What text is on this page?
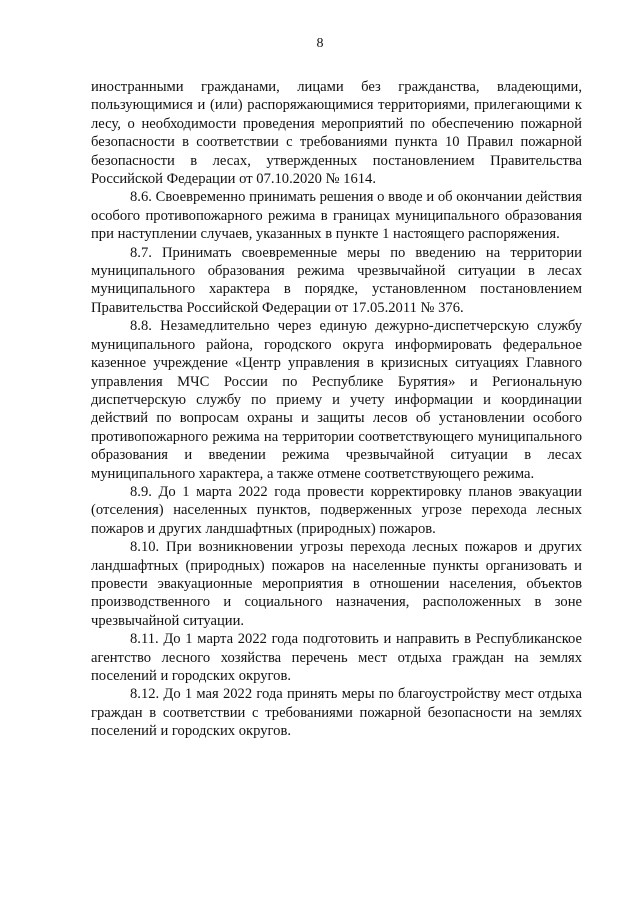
8

иностранными гражданами, лицами без гражданства, владеющими, пользующимися и (или) распоряжающимися территориями, прилегающими к лесу, о необходимости проведения мероприятий по обеспечению пожарной безопасности в соответствии с требованиями пункта 10 Правил пожарной безопасности в лесах, утвержденных постановлением Правительства Российской Федерации от 07.10.2020 № 1614.

8.6. Своевременно принимать решения о вводе и об окончании действия особого противопожарного режима в границах муниципального образования при наступлении случаев, указанных в пункте 1 настоящего распоряжения.

8.7. Принимать своевременные меры по введению на территории муниципального образования режима чрезвычайной ситуации в лесах муниципального характера в порядке, установленном постановлением Правительства Российской Федерации от 17.05.2011 № 376.

8.8. Незамедлительно через единую дежурно-диспетчерскую службу муниципального района, городского округа информировать федеральное казенное учреждение «Центр управления в кризисных ситуациях Главного управления МЧС России по Республике Бурятия» и Региональную диспетчерскую службу по приему и учету информации и координации действий по вопросам охраны и защиты лесов об установлении особого противопожарного режима на территории соответствующего муниципального образования и введении режима чрезвычайной ситуации в лесах муниципального характера, а также отмене соответствующего режима.

8.9. До 1 марта 2022 года провести корректировку планов эвакуации (отселения) населенных пунктов, подверженных угрозе перехода лесных пожаров и других ландшафтных (природных) пожаров.

8.10. При возникновении угрозы перехода лесных пожаров и других ландшафтных (природных) пожаров на населенные пункты организовать и провести эвакуационные мероприятия в отношении населения, объектов производственного и социального назначения, расположенных в зоне чрезвычайной ситуации.

8.11. До 1 марта 2022 года подготовить и направить в Республиканское агентство лесного хозяйства перечень мест отдыха граждан на землях поселений и городских округов.

8.12. До 1 мая 2022 года принять меры по благоустройству мест отдыха граждан в соответствии с требованиями пожарной безопасности на землях поселений и городских округов.
